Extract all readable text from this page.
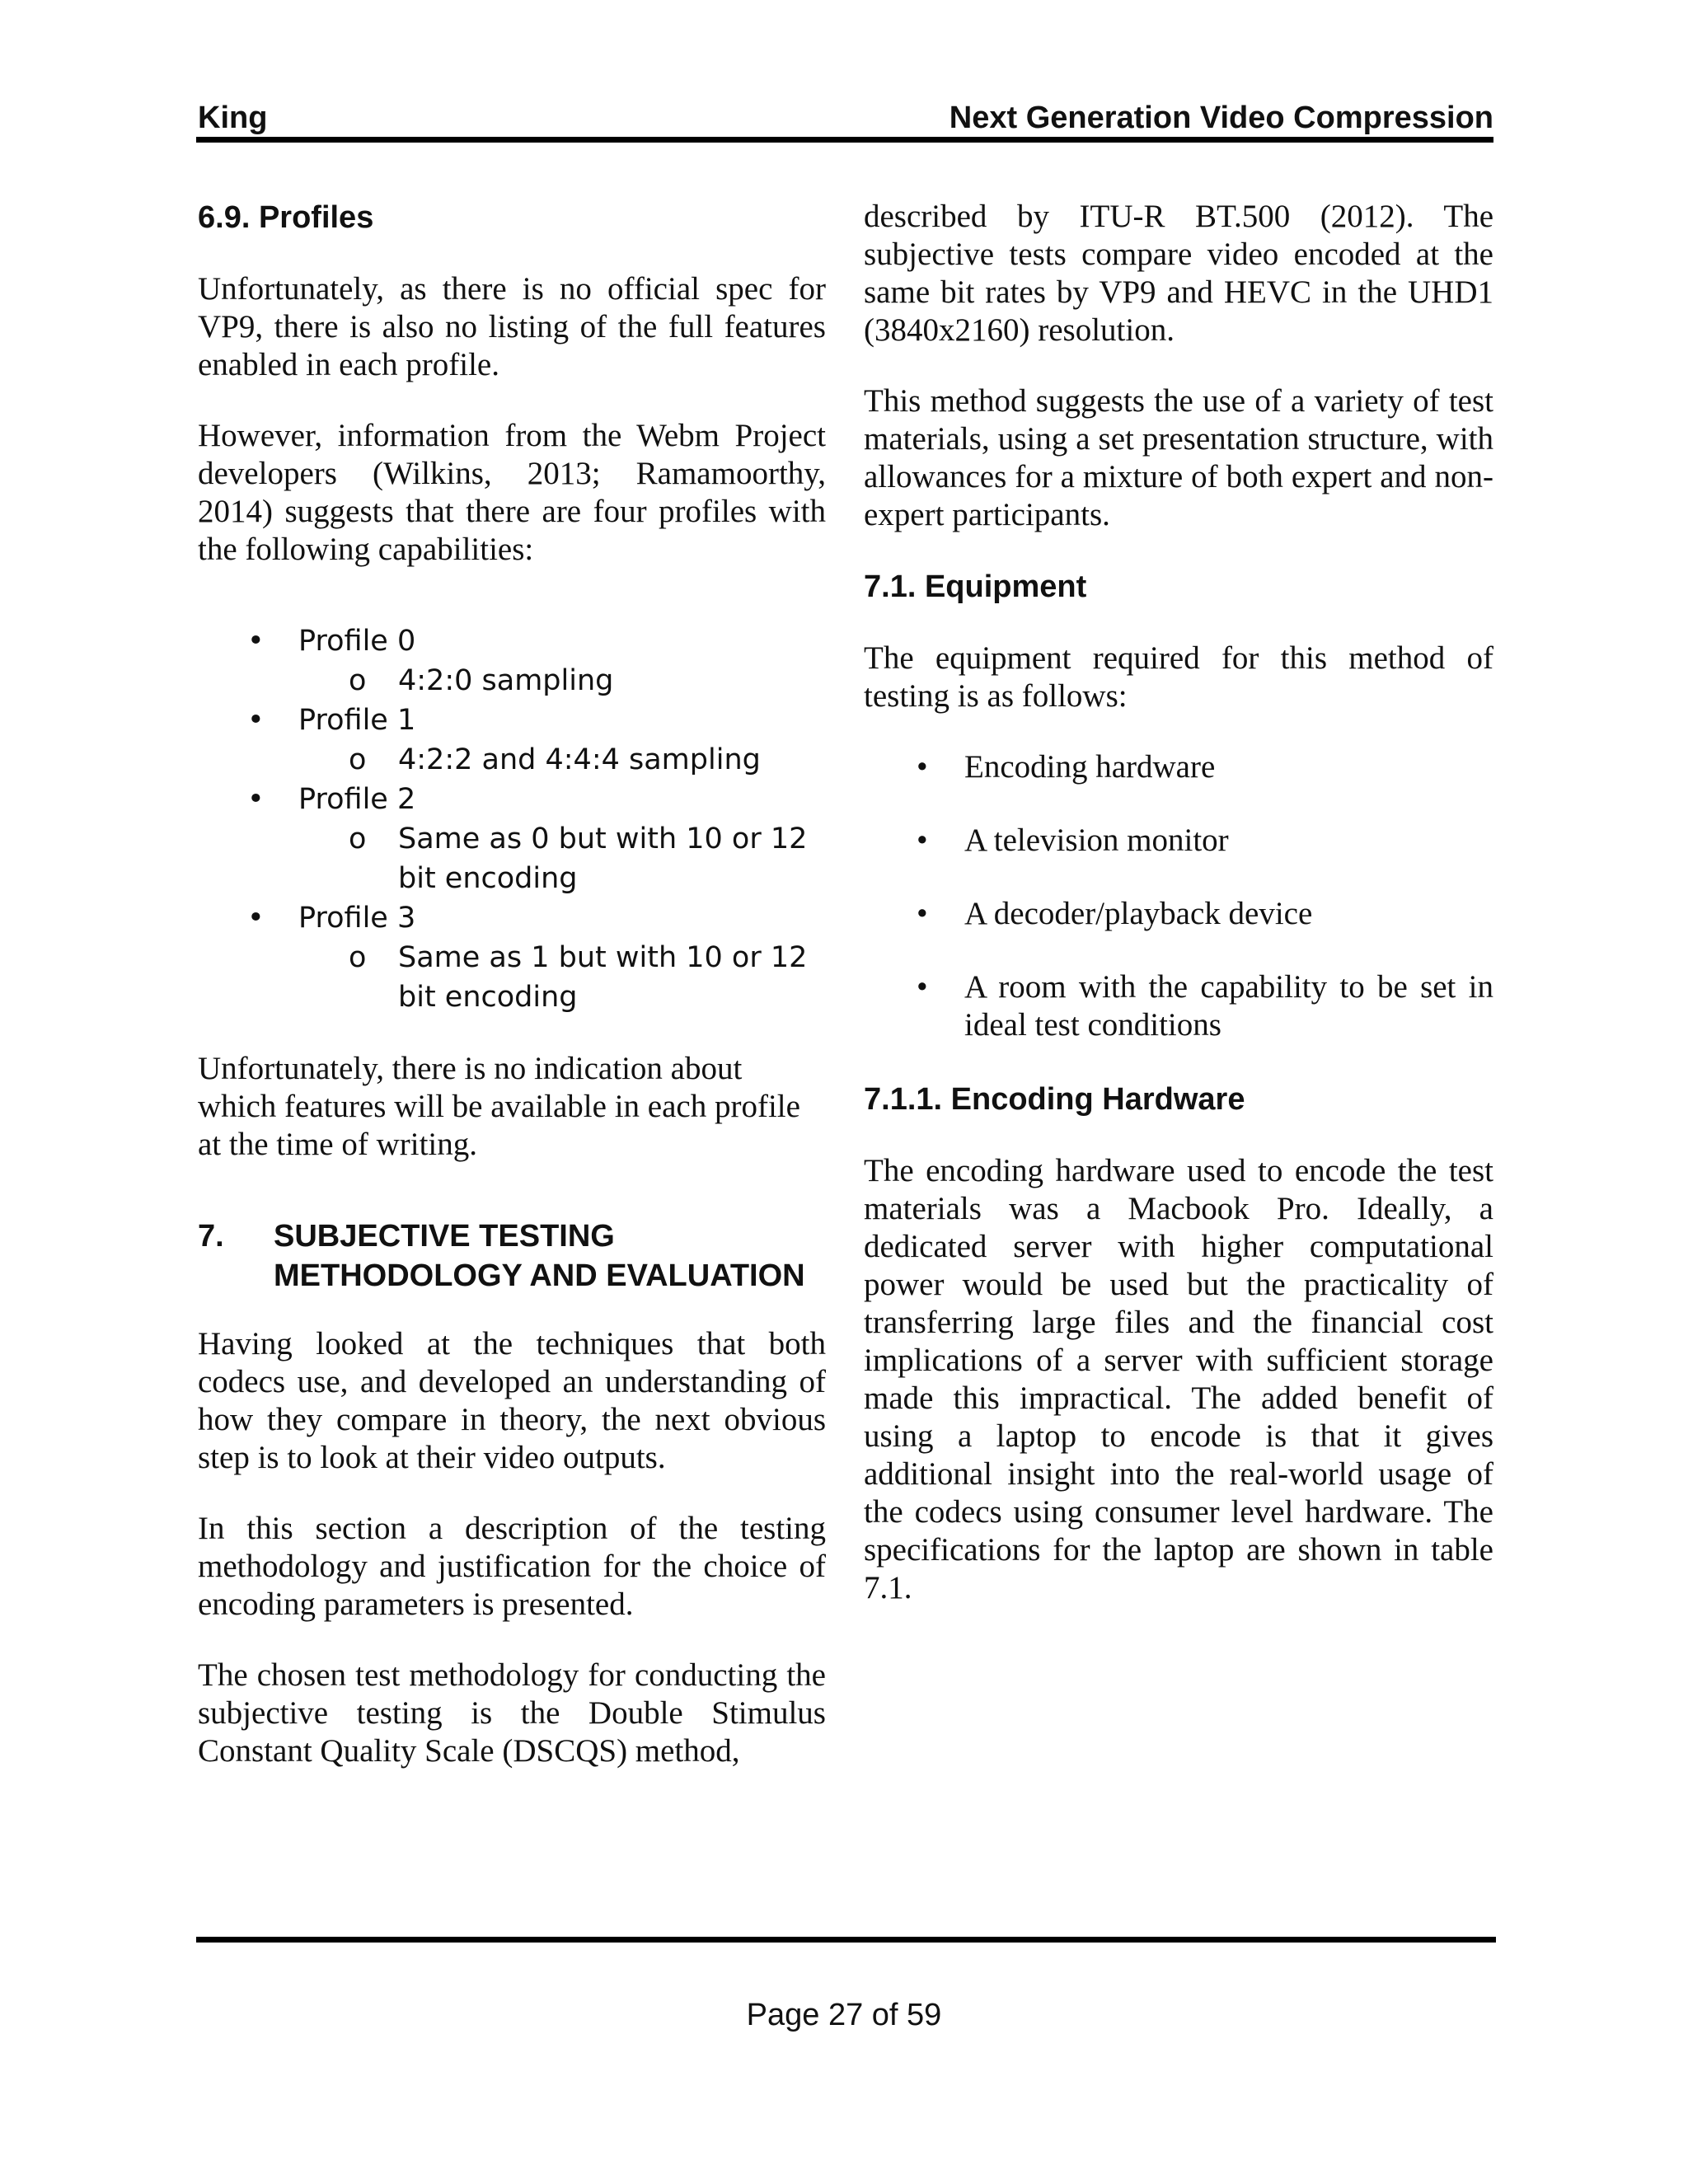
King	Next Generation Video Compression
6.9. Profiles

Unfortunately, as there is no official spec for VP9, there is also no listing of the full features enabled in each profile.

However, information from the Webm Project developers (Wilkins, 2013; Ramamoorthy, 2014) suggests that there are four profiles with the following capabilities:

• Profile 0
o 4:2:0 sampling
• Profile 1
o 4:2:2 and 4:4:4 sampling
• Profile 2
o Same as 0 but with 10 or 12 bit encoding
• Profile 3
o Same as 1 but with 10 or 12 bit encoding

Unfortunately, there is no indication about which features will be available in each profile at the time of writing.

7.	SUBJECTIVE TESTING METHODOLOGY AND EVALUATION

Having looked at the techniques that both codecs use, and developed an understanding of how they compare in theory, the next obvious step is to look at their video outputs.

In this section a description of the testing methodology and justification for the choice of encoding parameters is presented.

The chosen test methodology for conducting the subjective testing is the Double Stimulus Constant Quality Scale (DSCQS) method,

described by ITU-R BT.500 (2012). The subjective tests compare video encoded at the same bit rates by VP9 and HEVC in the UHD1 (3840x2160) resolution.

This method suggests the use of a variety of test materials, using a set presentation structure, with allowances for a mixture of both expert and non-expert participants.

7.1. Equipment

The equipment required for this method of testing is as follows:

• Encoding hardware
• A television monitor
• A decoder/playback device
• A room with the capability to be set in ideal test conditions
7.1.1. Encoding Hardware

The encoding hardware used to encode the test materials was a Macbook Pro. Ideally, a dedicated server with higher computational power would be used but the practicality of transferring large files and the financial cost implications of a server with sufficient storage made this impractical. The added benefit of using a laptop to encode is that it gives additional insight into the real-world usage of the codecs using consumer level hardware. The specifications for the laptop are shown in table 7.1.

Page 27 of 59
